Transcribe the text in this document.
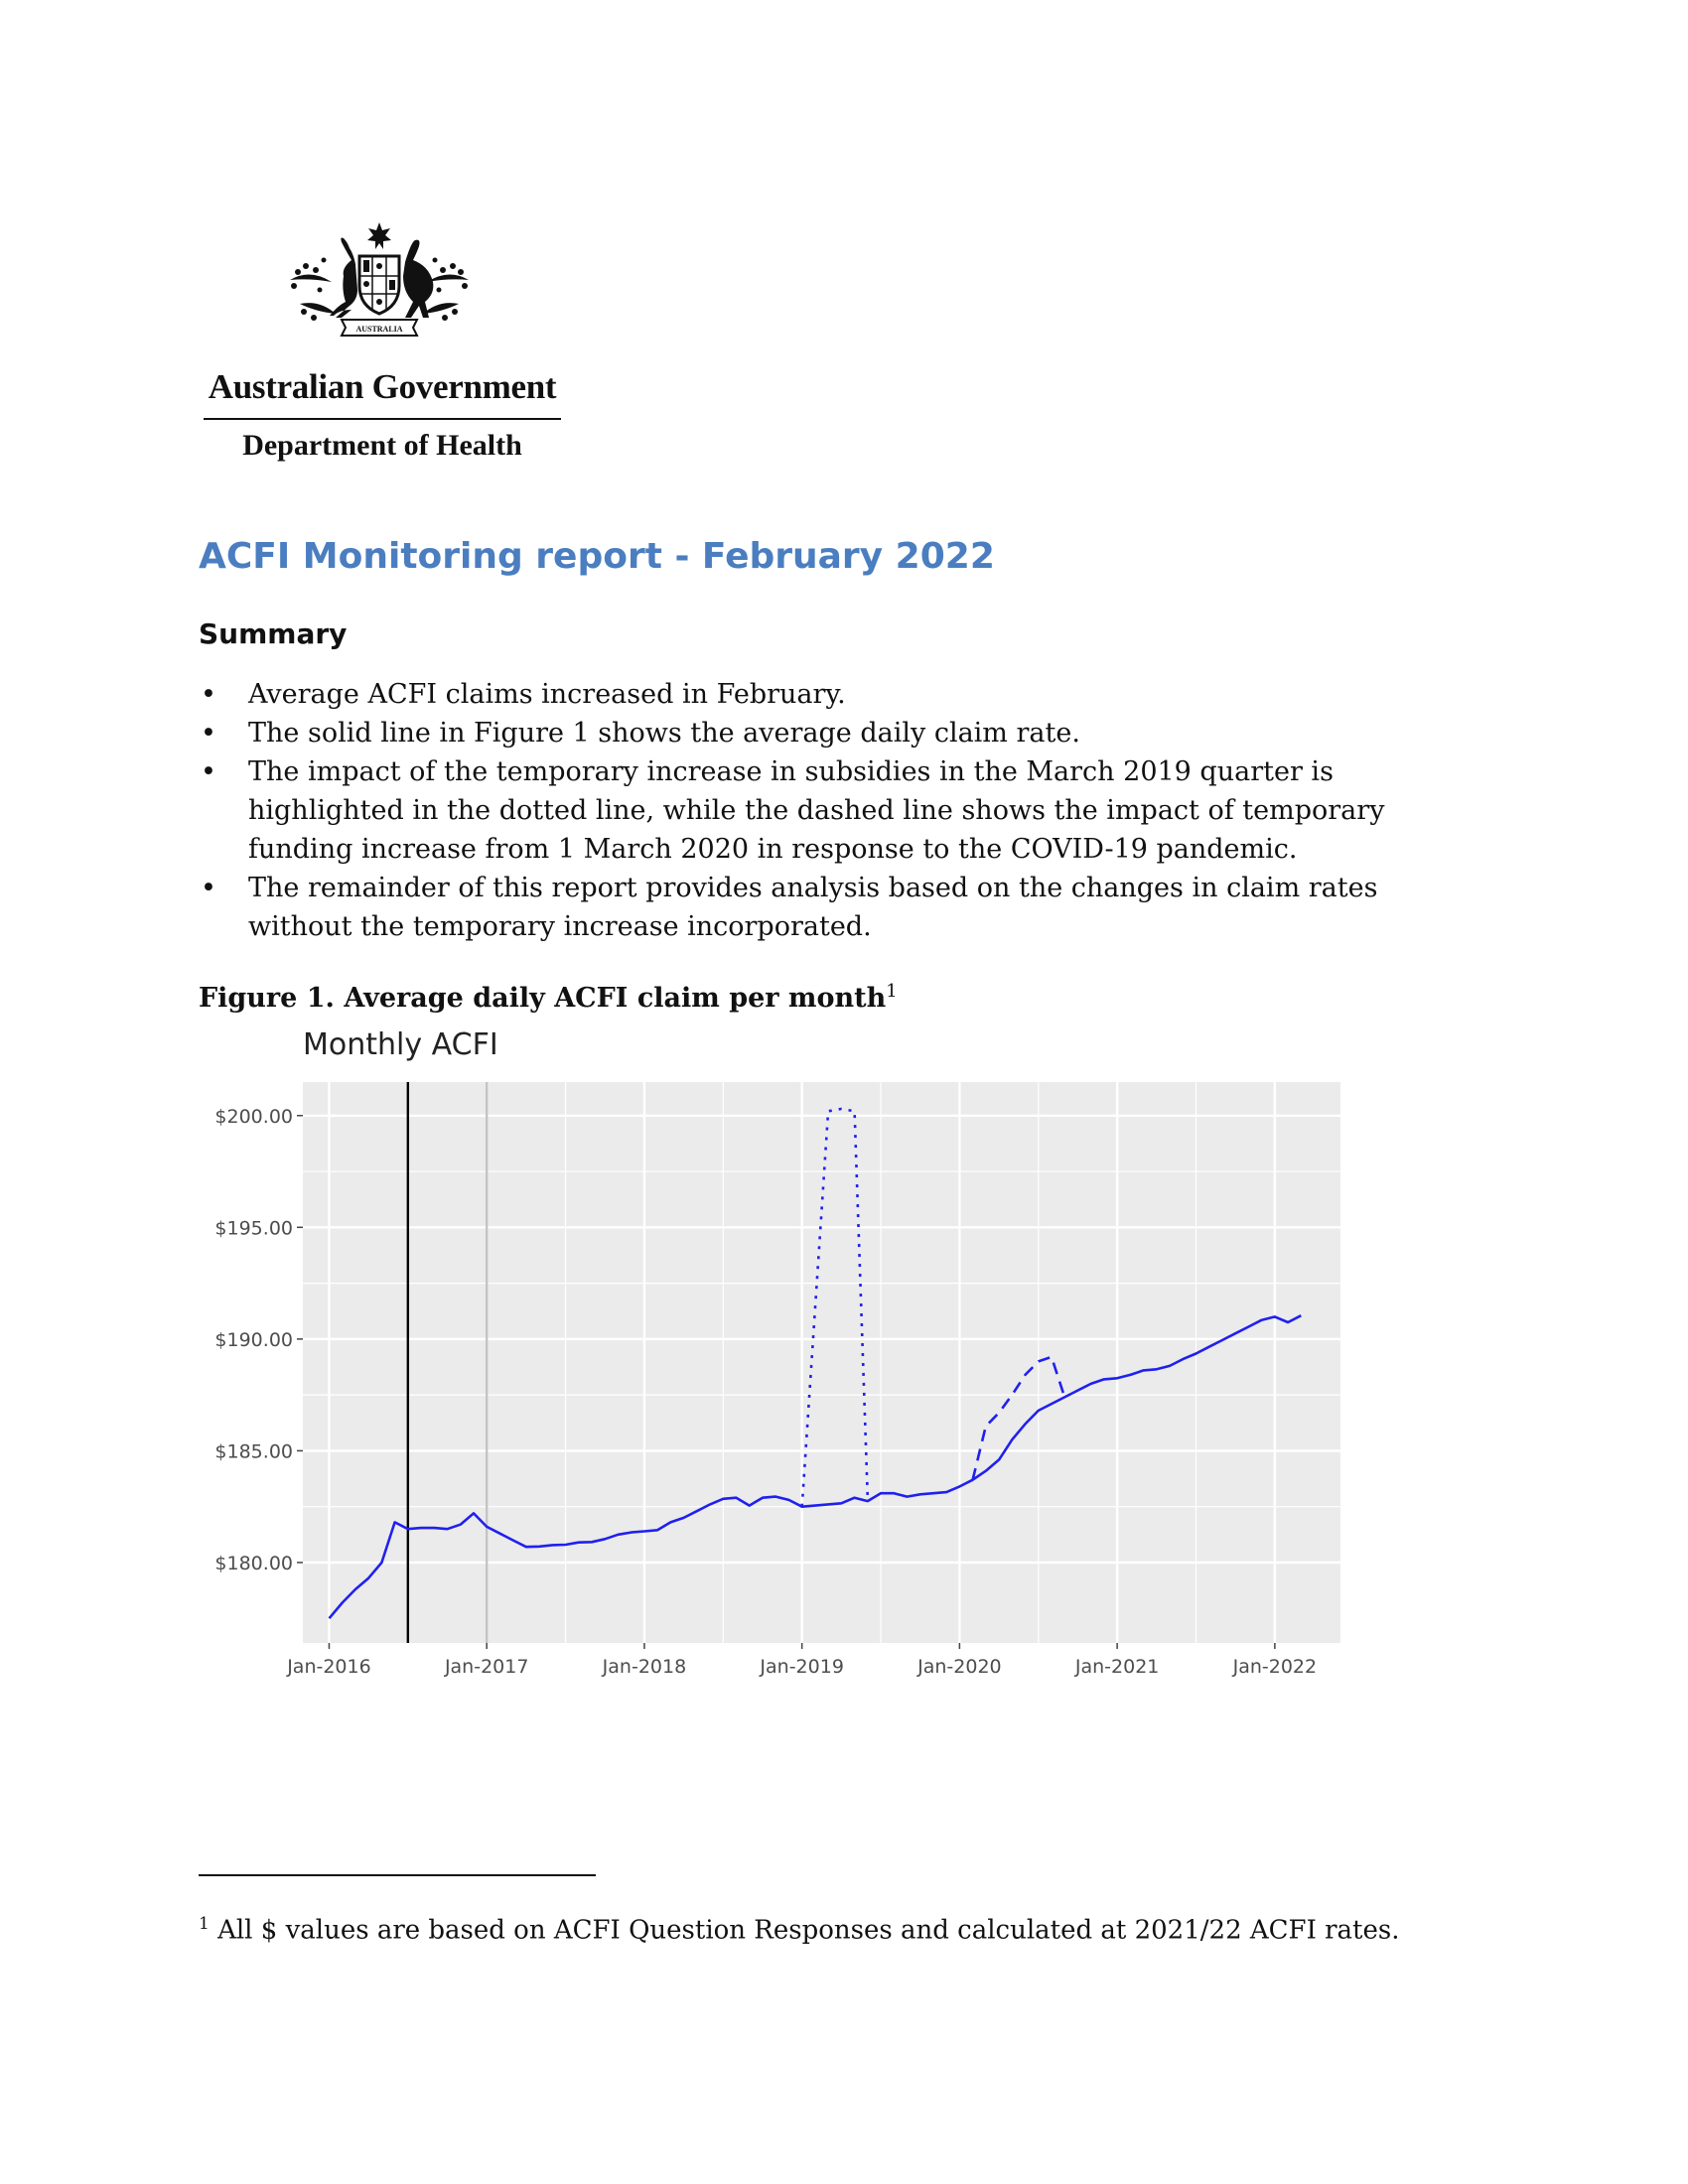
AUSTRALIA
Australian Government
Department of Health
ACFI Monitoring report - February 2022
Summary
• Average ACFI claims increased in February.
• The solid line in Figure 1 shows the average daily claim rate.
• The impact of the temporary increase in subsidies in the March 2019 quarter is highlighted in the dotted line, while the dashed line shows the impact of temporary funding increase from 1 March 2020 in response to the COVID-19 pandemic.
• The remainder of this report provides analysis based on the changes in claim rates without the temporary increase incorporated.

Figure 1. Average daily ACFI claim per month$^1$

Monthly ACFI
$180.00
$185.00
$190.00
$195.00
$200.00
Jan-2016	Jan-2017	Jan-2018	Jan-2019	Jan-2020	Jan-2021	Jan-2022

$^1$ All $ values are based on ACFI Question Responses and calculated at 2021/22 ACFI rates.
